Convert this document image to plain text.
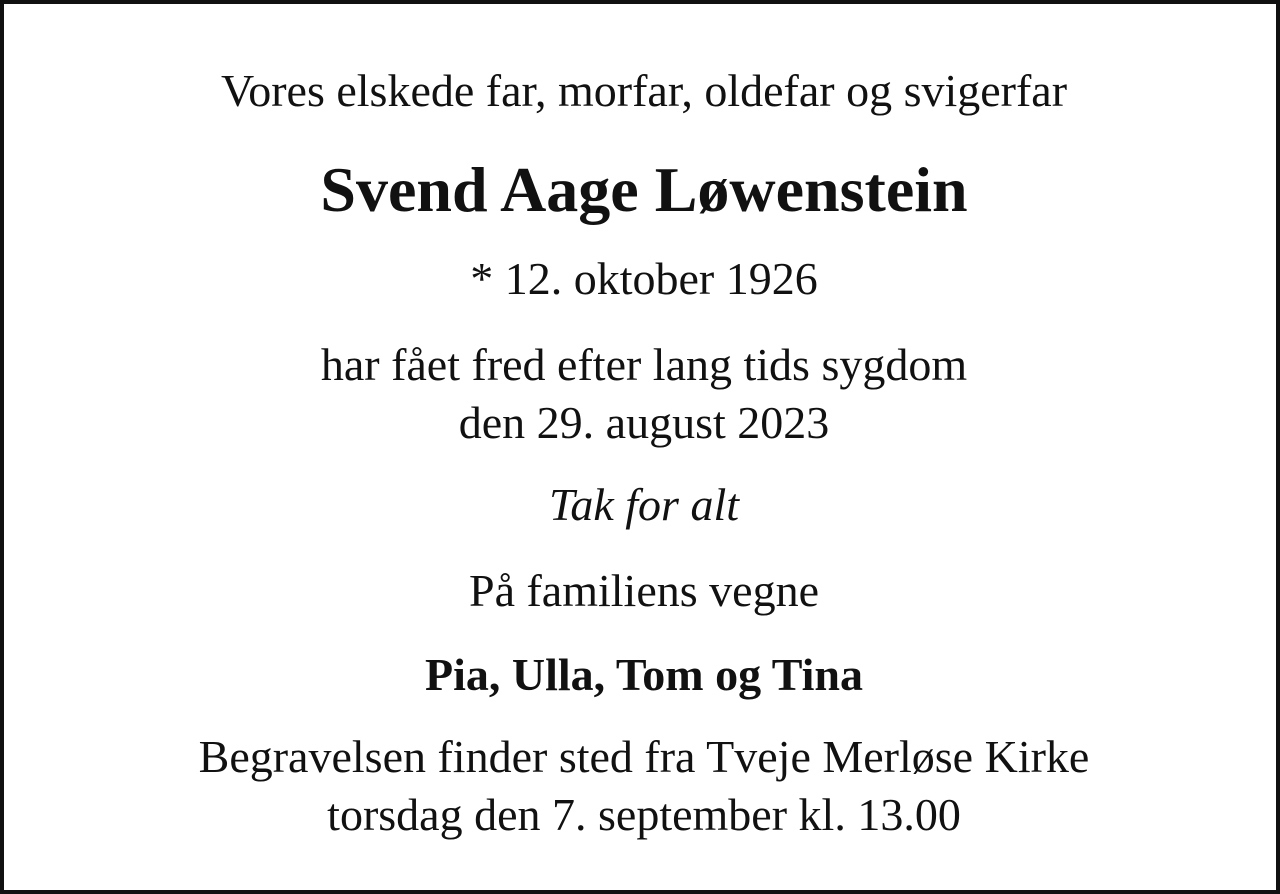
Vores elskede far, morfar, oldefar og svigerfar
Svend Aage Løwenstein
* 12. oktober 1926
har fået fred efter lang tids sygdom
den 29. august 2023
Tak for alt
På familiens vegne
Pia, Ulla, Tom og Tina
Begravelsen finder sted fra Tveje Merløse Kirke
torsdag den 7. september kl. 13.00
